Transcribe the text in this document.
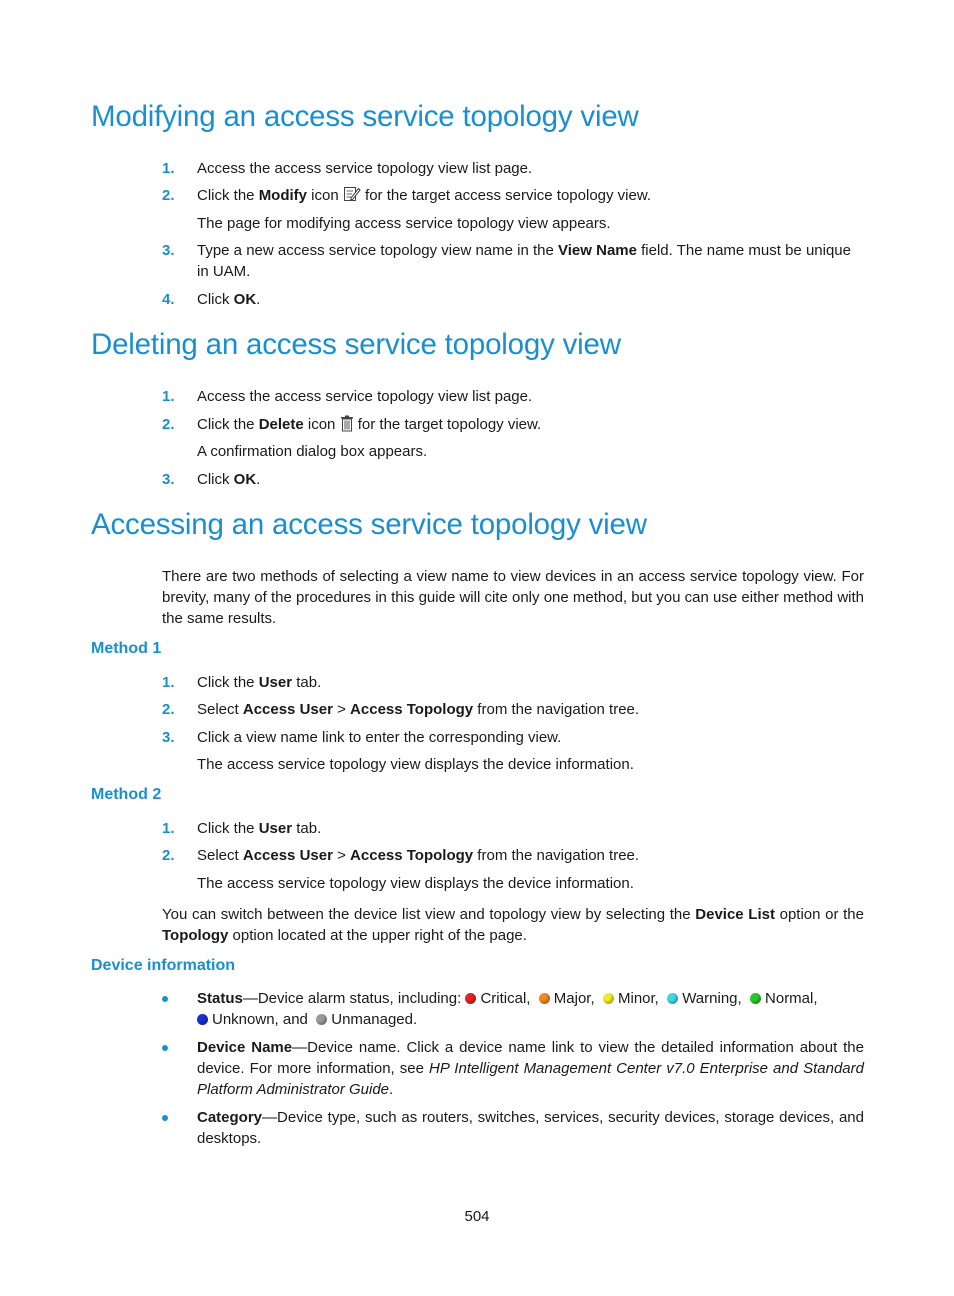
Modifying an access service topology view
1. Access the access service topology view list page.
2. Click the Modify icon  for the target access service topology view.
The page for modifying access service topology view appears.
3. Type a new access service topology view name in the View Name field. The name must be unique
in UAM.
4. Click OK.
Deleting an access service topology view
1. Access the access service topology view list page.
2. Click the Delete icon  for the target topology view.
A confirmation dialog box appears.
3. Click OK.
Accessing an access service topology view
There are two methods of selecting a view name to view devices in an access service topology view. For brevity, many of the procedures in this guide will cite only one method, but you can use either method with the same results.
Method 1
1. Click the User tab.
2. Select Access User > Access Topology from the navigation tree.
3. Click a view name link to enter the corresponding view.
The access service topology view displays the device information.
Method 2
1. Click the User tab.
2. Select Access User > Access Topology from the navigation tree.
The access service topology view displays the device information.
You can switch between the device list view and topology view by selecting the Device List option or the Topology option located at the upper right of the page.
Device information
Status—Device alarm status, including: Critical, Major, Minor, Warning, Normal,
Unknown, and Unmanaged.
Device Name—Device name. Click a device name link to view the detailed information about the device. For more information, see HP Intelligent Management Center v7.0 Enterprise and Standard Platform Administrator Guide.
Category—Device type, such as routers, switches, services, security devices, storage devices, and desktops.
504
